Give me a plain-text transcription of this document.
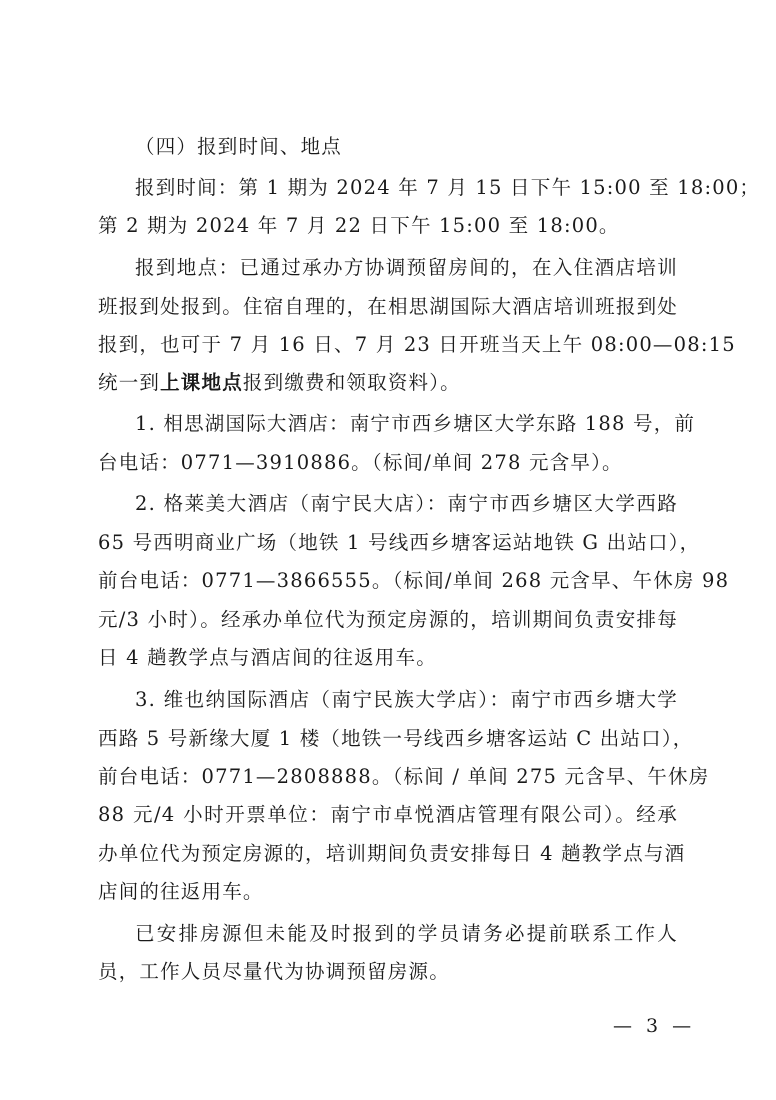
（四）报到时间、地点
报到时间：第 1 期为 2024 年 7 月 15 日下午 15:00 至 18:00；
第 2 期为 2024 年 7 月 22 日下午 15:00 至 18:00。
报到地点：已通过承办方协调预留房间的，在入住酒店培训
班报到处报到。住宿自理的，在相思湖国际大酒店培训班报到处
报到，也可于 7 月 16 日、7 月 23 日开班当天上午 08:00—08:15
统一到上课地点报到缴费和领取资料）。
1. 相思湖国际大酒店：南宁市西乡塘区大学东路 188 号，前
台电话：0771—3910886。（标间/单间 278 元含早）。
2. 格莱美大酒店（南宁民大店）：南宁市西乡塘区大学西路
65 号西明商业广场（地铁 1 号线西乡塘客运站地铁 G 出站口），
前台电话：0771—3866555。（标间/单间 268 元含早、午休房 98
元/3 小时）。经承办单位代为预定房源的，培训期间负责安排每
日 4 趟教学点与酒店间的往返用车。
3. 维也纳国际酒店（南宁民族大学店）：南宁市西乡塘大学
西路 5 号新缘大厦 1 楼（地铁一号线西乡塘客运站 C 出站口），
前台电话：0771—2808888。（标间 / 单间 275 元含早、午休房
88 元/4 小时开票单位：南宁市卓悦酒店管理有限公司）。经承
办单位代为预定房源的，培训期间负责安排每日 4 趟教学点与酒
店间的往返用车。
已安排房源但未能及时报到的学员请务必提前联系工作人
员，工作人员尽量代为协调预留房源。
— 3 —
